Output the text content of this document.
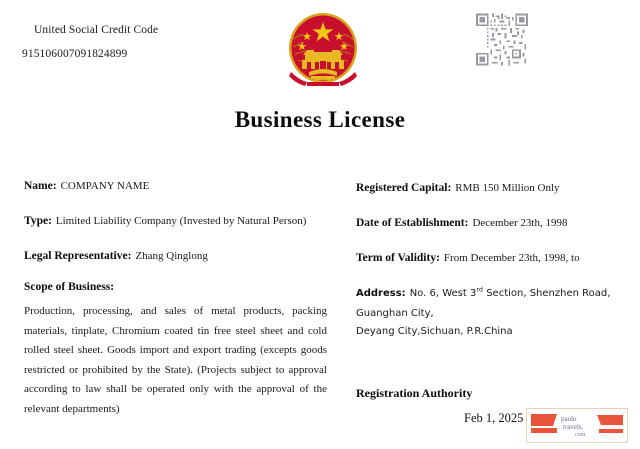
United Social Credit Code
915106007091824899
Business License
Name: COMPANY NAME
Type: Limited Liability Company (Invested by Natural Person)
Legal Representative: Zhang Qinglong
Scope of Business:
Production, processing, and sales of metal products, packing materials, tinplate, Chromium coated tin free steel sheet and cold rolled steel sheet. Goods import and export trading (excepts goods restricted or prohibited by the State). (Projects subject to approval according to law shall be operated only with the approval of the relevant departments)
Registered Capital: RMB 150 Million Only
Date of Establishment: December 23th, 1998
Term of Validity: From December 23th, 1998, to
Address: No. 6, West 3rd Section, Shenzhen Road, Guanghan City,
Deyang City,Sichuan, P.R.China
Registration Authority
Feb 1, 2025	paulo
travels.
com
